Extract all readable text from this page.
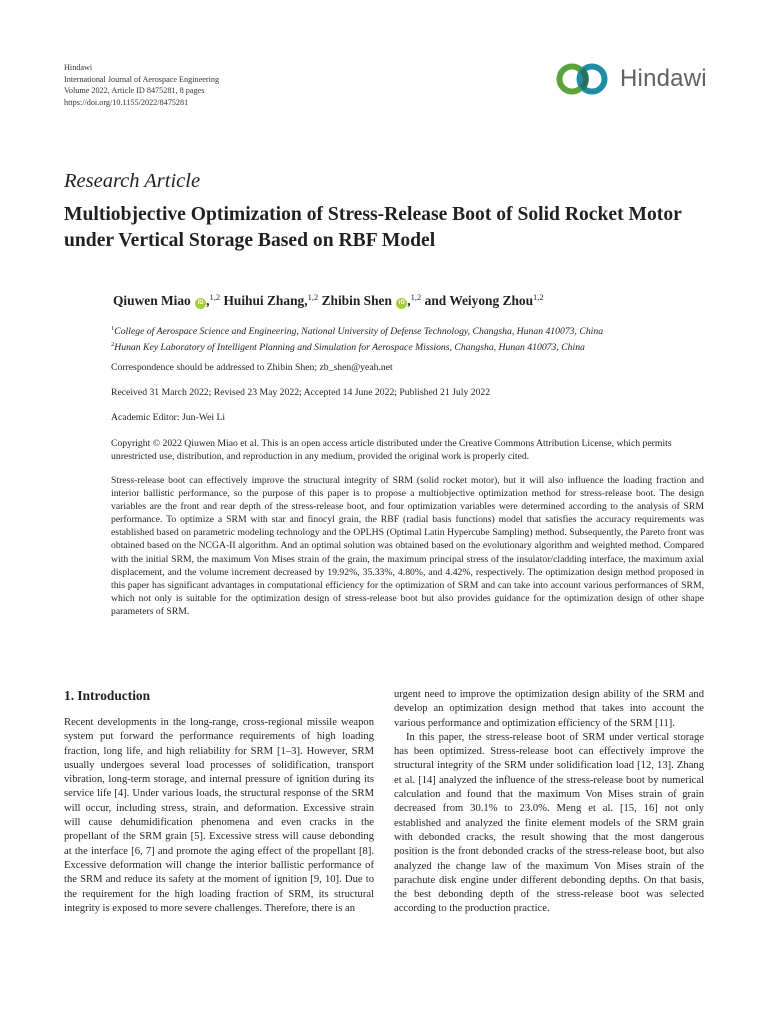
Hindawi
International Journal of Aerospace Engineering
Volume 2022, Article ID 8475281, 8 pages
https://doi.org/10.1155/2022/8475281
Hindawi
Research Article
Multiobjective Optimization of Stress-Release Boot of Solid Rocket Motor under Vertical Storage Based on RBF Model
Qiuwen Miao iD ,$^{1,2}$ Huihui Zhang,$^{1,2}$ Zhibin Shen iD ,$^{1,2}$ and Weiyong Zhou$^{1,2}$
$^1$College of Aerospace Science and Engineering, National University of Defense Technology, Changsha, Hunan 410073, China
$^2$Hunan Key Laboratory of Intelligent Planning and Simulation for Aerospace Missions, Changsha, Hunan 410073, China
Correspondence should be addressed to Zhibin Shen; zb_shen@yeah.net
Received 31 March 2022; Revised 23 May 2022; Accepted 14 June 2022; Published 21 July 2022
Academic Editor: Jun-Wei Li
Copyright © 2022 Qiuwen Miao et al. This is an open access article distributed under the Creative Commons Attribution License, which permits unrestricted use, distribution, and reproduction in any medium, provided the original work is properly cited.
Stress-release boot can effectively improve the structural integrity of SRM (solid rocket motor), but it will also influence the loading fraction and interior ballistic performance, so the purpose of this paper is to propose a multiobjective optimization method for stress-release boot. The design variables are the front and rear depth of the stress-release boot, and four optimization variables were determined according to the analysis of SRM performance. To optimize a SRM with star and finocyl grain, the RBF (radial basis functions) model that satisfies the accuracy requirements was established based on parametric modeling technology and the OPLHS (Optimal Latin Hypercube Sampling) method. Subsequently, the Pareto front was obtained based on the NCGA-II algorithm. And an optimal solution was obtained based on the evolutionary algorithm and weighted method. Compared with the initial SRM, the maximum Von Mises strain of the grain, the maximum principal stress of the insulator/cladding interface, the maximum axial displacement, and the volume increment decreased by 19.92%, 35.33%, 4.80%, and 4.42%, respectively. The optimization design method proposed in this paper has significant advantages in computational efficiency for the optimization of SRM and can take into account various performances of SRM, which not only is suitable for the optimization design of stress-release boot but also provides guidance for the optimization design of other shape parameters of SRM.
1. Introduction

Recent developments in the long-range, cross-regional missile weapon system put forward the performance requirements of high loading fraction, long life, and high reliability for SRM [1–3]. However, SRM usually undergoes several load processes of solidification, transport vibration, long-term storage, and internal pressure of ignition during its service life [4]. Under various loads, the structural response of the SRM will occur, including stress, strain, and deformation. Excessive strain will cause dehumidification phenomena and even cracks in the propellant of the SRM grain [5]. Excessive stress will cause debonding at the interface [6, 7] and promote the aging effect of the propellant [8]. Excessive deformation will change the interior ballistic performance of the SRM and reduce its safety at the moment of ignition [9, 10]. Due to the requirement for the high loading fraction of SRM, its structural integrity is exposed to more severe challenges. Therefore, there is an

urgent need to improve the optimization design ability of the SRM and develop an optimization design method that takes into account the various performance and optimization efficiency of the SRM [11].

In this paper, the stress-release boot of SRM under vertical storage has been optimized. Stress-release boot can effectively improve the structural integrity of the SRM under solidification load [12, 13]. Zhang et al. [14] analyzed the influence of the stress-release boot by numerical calculation and found that the maximum Von Mises strain of grain decreased from 30.1% to 23.0%. Meng et al. [15, 16] not only established and analyzed the finite element models of the SRM grain with debonded cracks, the result showing that the most dangerous position is the front debonded cracks of the stress-release boot, but also analyzed the change law of the maximum Von Mises strain of the parachute disk engine under different debonding depths. On that basis, the best debonding depth of the stress-release boot was selected according to the production practice.
